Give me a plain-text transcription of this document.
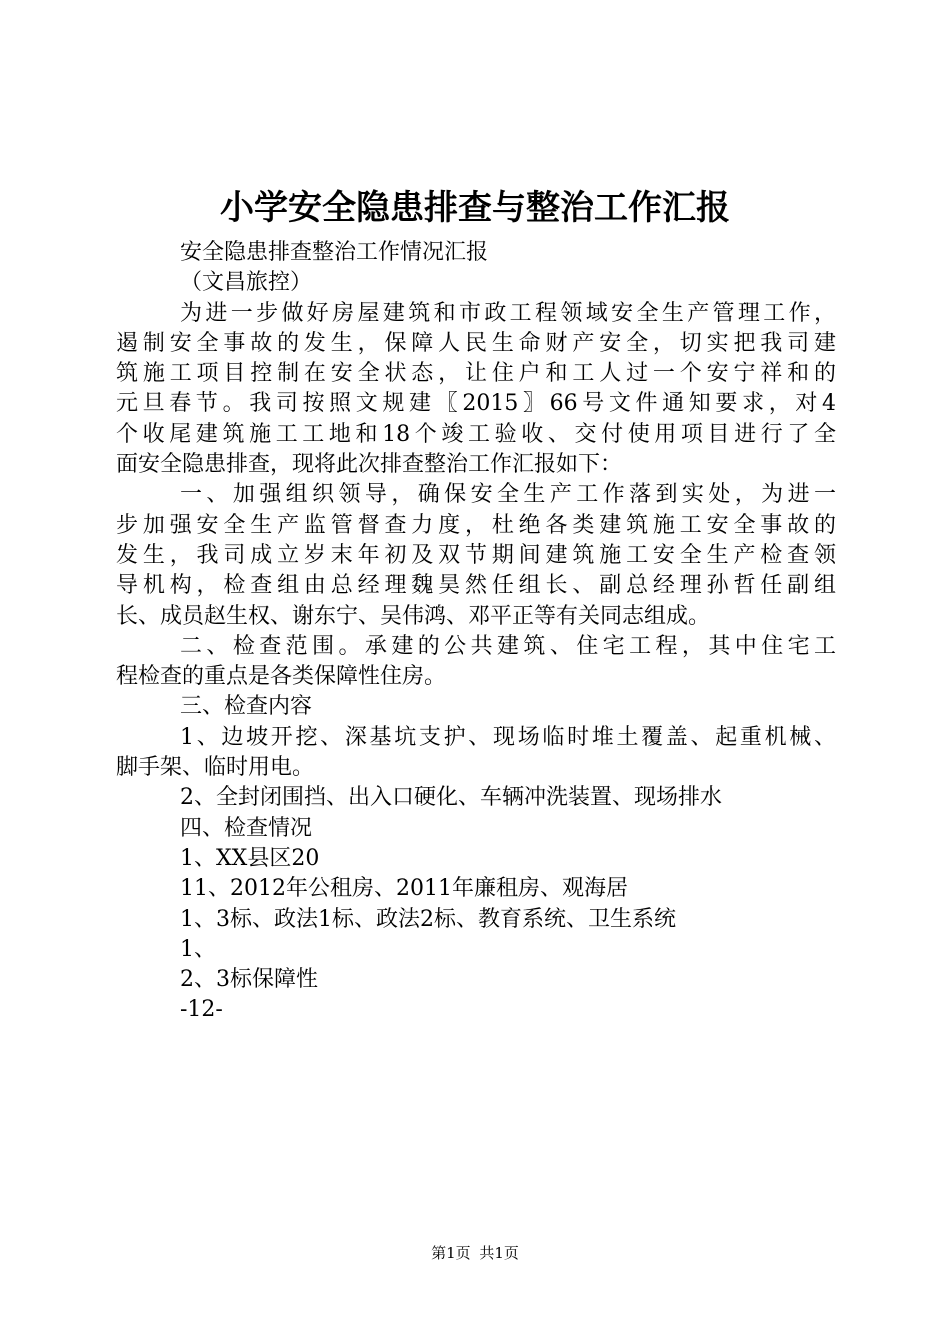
小学安全隐患排查与整治工作汇报
安全隐患排查整治工作情况汇报
（文昌旅控）
为进一步做好房屋建筑和市政工程领域安全生产管理工作，
遏制安全事故的发生，保障人民生命财产安全，切实把我司建
筑施工项目控制在安全状态，让住户和工人过一个安宁祥和的
元旦春节。我司按照文规建〖2015〗66号文件通知要求，对4
个收尾建筑施工工地和18个竣工验收、交付使用项目进行了全
面安全隐患排查，现将此次排查整治工作汇报如下：
一、加强组织领导，确保安全生产工作落到实处，为进一
步加强安全生产监管督查力度，杜绝各类建筑施工安全事故的
发生，我司成立岁末年初及双节期间建筑施工安全生产检查领
导机构，检查组由总经理魏昊然任组长、副总经理孙哲任副组
长、成员赵生权、谢东宁、吴伟鸿、邓平正等有关同志组成。
二、检查范围。承建的公共建筑、住宅工程，其中住宅工
程检查的重点是各类保障性住房。
三、检查内容
1、边坡开挖、深基坑支护、现场临时堆土覆盖、起重机械、
脚手架、临时用电。
2、全封闭围挡、出入口硬化、车辆冲洗装置、现场排水
四、检查情况
1、XX县区20
11、2012年公租房、2011年廉租房、观海居
1、3标、政法1标、政法2标、教育系统、卫生系统
1、
2、3标保障性
-12-
第1页 共1页
